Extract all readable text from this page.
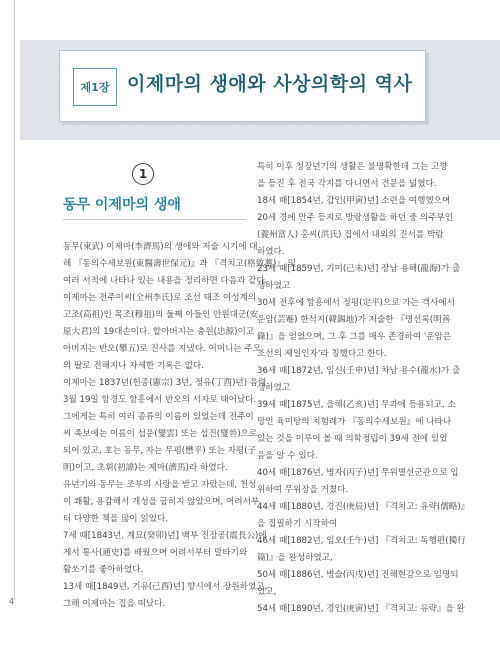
4
제1장 이제마의 생애와 사상의학의 역사
1
동무 이제마의 생애

동무(東武) 이제마(李濟馬)의 생애와 저술 시기에 대

해 『동의수세보원(東醫壽世保元)』과 『격치고(格致藁)』 및

여러 서적에 나타나 있는 내용을 정리하면 다음과 같다.

이제마는 전주이씨(全州李氏)로 조선 태조 이성계의

고조(高祖)인 목조(穆祖)의 둘째 아들인 안원대군(安

原大君)의 19대손이다. 할아버지는 충원(忠源)이고

아버지는 반오(攀五)로 진사를 지냈다. 어머니는 주모

의 딸로 전해지나 자세한 기록은 없다.

이제마는 1837년(헌종(憲宗) 3년, 정유(丁酉)년) 음력

3월 19일 함경도 함흥에서 반오의 서자로 태어났다.

그에게는 특히 여러 종류의 이름이 있었는데 전주이

씨 족보에는 이름이 섭운(燮雲) 또는 섭진(燮晉)으로

되어 있고, 호는 동무, 자는 무평(懋平) 또는 자평(子

明)이고, 초휘(初諱)는 제마(濟馬)라 하였다.

유년기의 동무는 조부의 사랑을 받고 자랐는데, 천성

이 쾌활, 용감해서 개성을 굽히지 않았으며, 어려서부

터 다양한 책을 많이 읽었다.

7세 때[1843년, 계묘(癸卯)년] 백부 진장공(震長公)에

게서 통사(通史)를 배웠으며 어려서부터 말타기와

활쏘기를 좋아하였다.

13세 때[1849년, 기유(己酉)년] 향시에서 장원하였고,

그해 이제마는 집을 떠났다.

특히 이후 청장년기의 생활은 불명확한데 그는 고향

을 등진 후 전국 각지를 다니면서 견문을 넓혔다.

18세 때[1854년, 갑인(甲寅)년] 소련을 여행했으며

20세 경에 만주 등지로 방랑생활을 하던 중 의주부인

(義州富人) 홍씨(洪氏) 집에서 내외의 진서를 박람

하였다.

23세 때[1859년, 기미(己未)년] 장남 용해(龍海)가 출

생하였고

30세 전후에 함흥에서 정평(定平)으로 가는 객사에서

운암(芸菴) 한석지(韓錫地)가 저술한 『명선록(明善

錄)』을 얻었으며, 그 후 그를 매우 존경하여 '운암은

조선의 제일인자'라 칭했다고 한다.

36세 때[1872년, 임신(壬申)년] 차남 용수(龍水)가 출

생하였고

39세 때[1875년, 을해(乙亥)년] 무과에 등용되고, 소

망인 육미탕의 치험례가 『동의수세보원』에 나타나

있는 것을 미루어 볼 때 의학정립이 39세 전에 있었

음을 알 수 있다.

40세 때[1876년, 병자(丙子)년] 무위별선군관으로 입

위하여 무위장을 거쳤다.

44세 때[1880년, 경진(庚辰)년] 『격치고: 유략(儒略)』

을 집필하기 시작하여

46세 때[1882년, 임오(壬午)년] 『격치고: 독행편(獨行

篇)』을 완성하였고,

50세 때[1886년, 병술(丙戌)년] 진해현감으로 임명되

었고,

54세 때[1890년, 경인(庚寅)년] 『격치고: 유략』을 완
